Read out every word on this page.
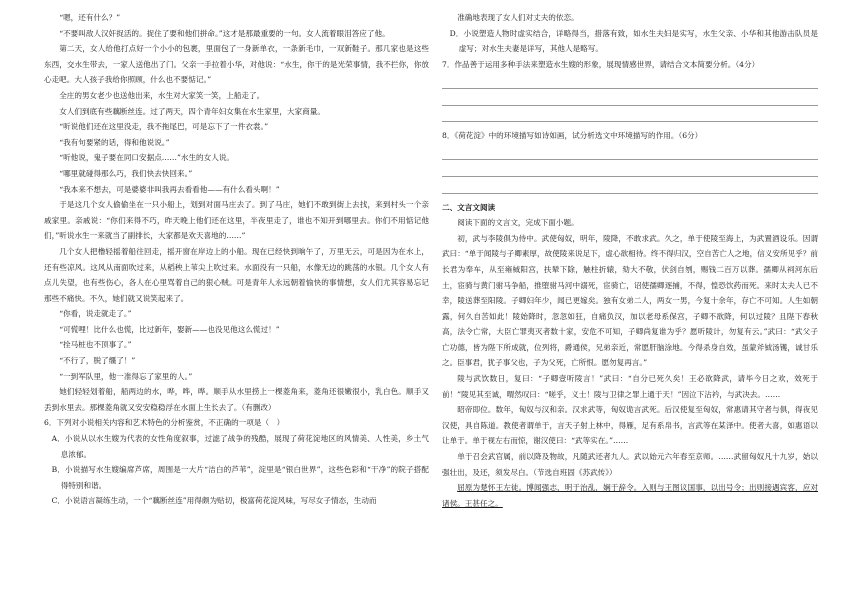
“嗯，还有什么？”

“不要叫敌人汉奸捉活的。捉住了要和他们拼命。”这才是那最重要的一句。女人流着眼泪答应了他。

第二天，女人给他打点好一个小小的包裹，里面包了一身新单衣，一条新毛巾，一双新鞋子。那几家也是这些东西，交水生带去，一家人送他出了门。父亲一手拉着小华，对他说：“水生，你干的是光荣事情，我不拦你，你放心走吧。大人孩子我给你照顾，什么也不要惦记。”

全庄的男女老少也送他出来，水生对大家笑一笑，上船走了。

女人们到底有些藕断丝连。过了两天，四个青年妇女集在水生家里，大家商量。

“听说他们还在这里没走，我不拖尾巴，可是忘下了一件衣裳。”

“我有句要紧的话，得和他说说。”

“听他说，鬼子要在同口安据点……”水生的女人说。

“哪里就碰得那么巧，我们快去快回来。”

“我本来不想去，可是婆婆非叫我再去看看他——有什么看头啊！”

于是这几个女人偷偷坐在一只小船上，划到对面马庄去了。到了马庄，她们不敢到街上去找，来到村头一个亲戚家里。亲戚说：“你们来得不巧，昨天晚上他们还在这里，半夜里走了，谁也不知开到哪里去。你们不用惦记他们，”听说水生一来就当了副排长，大家都是欢天喜地的……”

几个女人把橹轻摇着船往回走，摇开窗在岸边上的小船。现在已经快到晌午了，万里无云，可是因为在水上，还有些凉风。这风从南面吹过来，从稻秧上苇尖上吹过来。水面没有一只船，水像无边的跳荡的水银。几个女人有点儿失望，也有些伤心，各人在心里骂着自己的狠心贼。可是青年人永远朝着愉快的事情想，女人们尤其容易忘记那些不痛快。不久，她们就又说笑起来了。

“你看，说走就走了。”

“可慌哩！比什么也慌，比过新年，娶新——也没见他这么慌过！”

“拴马桩也不顶事了。”

“不行了，脱了缰了！”

“一到军队里，他一准得忘了家里的人。”

她们轻轻划着船，船两边的水，哗，哗，哗。顺手从水里捞上一棵菱角来，菱角还很嫩很小，乳白色。顺手又丢到水里去。那棵菱角就又安安稳稳浮在水面上生长去了。（有删改）

6．下列对小说相关内容和艺术特色的分析鉴赏，不正确的一项是（　）

A．小说从以水生嫂为代表的女性角度叙事，过滤了战争的残酷，展现了荷花淀地区的风情美、人性美，乡土气息浓郁。

B．小说描写水生嫂编席芦席，周围是一大片“洁白的芦苇”，淀里是“银白世界”，这些色彩和“干净”的院子搭配得特别和谐。

C．小说语言凝练生动，一个“藕断丝连”用得颇为贴切，极富荷花淀风味，写尽女子情态，生动而

准确地表现了女人们对丈夫的依恋。

D．小说塑造人物时虚实结合，详略得当，措落有致，如水生夫妇是实写，水生父亲、小华和其他游击队员是虚写；对水生夫妻是详写，其他人是略写。

7．作品善于运用多种手法来塑造水生嫂的形象，展现情感世界，请结合文本简要分析。（4分）

8．《荷花淀》中的环境描写如诗如画，试分析选文中环境描写的作用。（6分）

二、文言文阅读

阅读下面的文言文，完成下面小题。

初，武与李陵俱为侍中。武使匈奴，明年，陵降，不敢求武。久之，单于使陵至海上，为武置酒设乐。因谓武曰：“单于闻陵与子卿素厚，故使陵来说足下，虚心欲相待。终不得归汉，空自苦亡人之地，信义安所见乎？前长君为奉车，从至雍棫阳宫，扶辇下除，触柱折辕，劾大不敬，伏剑自刎，赐钱二百万以葬。孺卿从祠河东后土，宦骑与黄门驸马争船，推堕驸马河中溺死，宦骑亡，诏使孺卿逐捕，不得，惶恐饮药而死。来时太夫人已不幸，陵送葬至阳陵。子卿妇年少，闻已更嫁矣。独有女弟二人，两女一男，今复十余年，存亡不可知。人生如朝露，何久自苦如此！陵始降时，忽忽如狂，自痛负汉，加以老母系保宫，子卿不欲降，何以过陵？且陛下春秋高，法令亡常，大臣亡罪夷灭者数十家，安危不可知，子卿尚复谁为乎？愿听陵计，勿复有云。”武曰：“武父子亡功德，皆为陛下所成就，位列将，爵通侯，兄弟亲近，常愿肝脑涂地。今得杀身自效，虽蒙斧钺汤镬，诚甘乐之。臣事君，犹子事父也，子为父死，亡所恨。愿勿复再言。”

陵与武饮数日，复曰：“子卿壹听陵言！”武曰：“自分已死久矣！王必欲降武，请毕今日之欢，效死于前！”陵见其至诚，喟然叹曰：“嗟乎，义士！陵与卫律之罪上通于天！”因泣下沾衿，与武决去。……

昭帝即位。数年，匈奴与汉和亲。汉求武等，匈奴诡言武死。后汉使复至匈奴，常惠请其守者与俱，得夜见汉使，具自陈道。教使者谓单于，言天子射上林中，得雁，足有系帛书，言武等在某泽中。使者大喜，如惠语以让单于。单于视左右而惊，谢汉使曰：“武等实在。”……

单于召会武官属，前以降及物故，凡随武还者九人。武以始元六年春至京师。……武留匈奴凡十九岁，始以强壮出，及还，须发尽白。（节选自班固《苏武传》）

屈原为楚怀王左徒。博闻强志，明于治乱，娴于辞令。入则与王图议国事，以出号令；出则接遇宾客，应对诸侯。王甚任之。
